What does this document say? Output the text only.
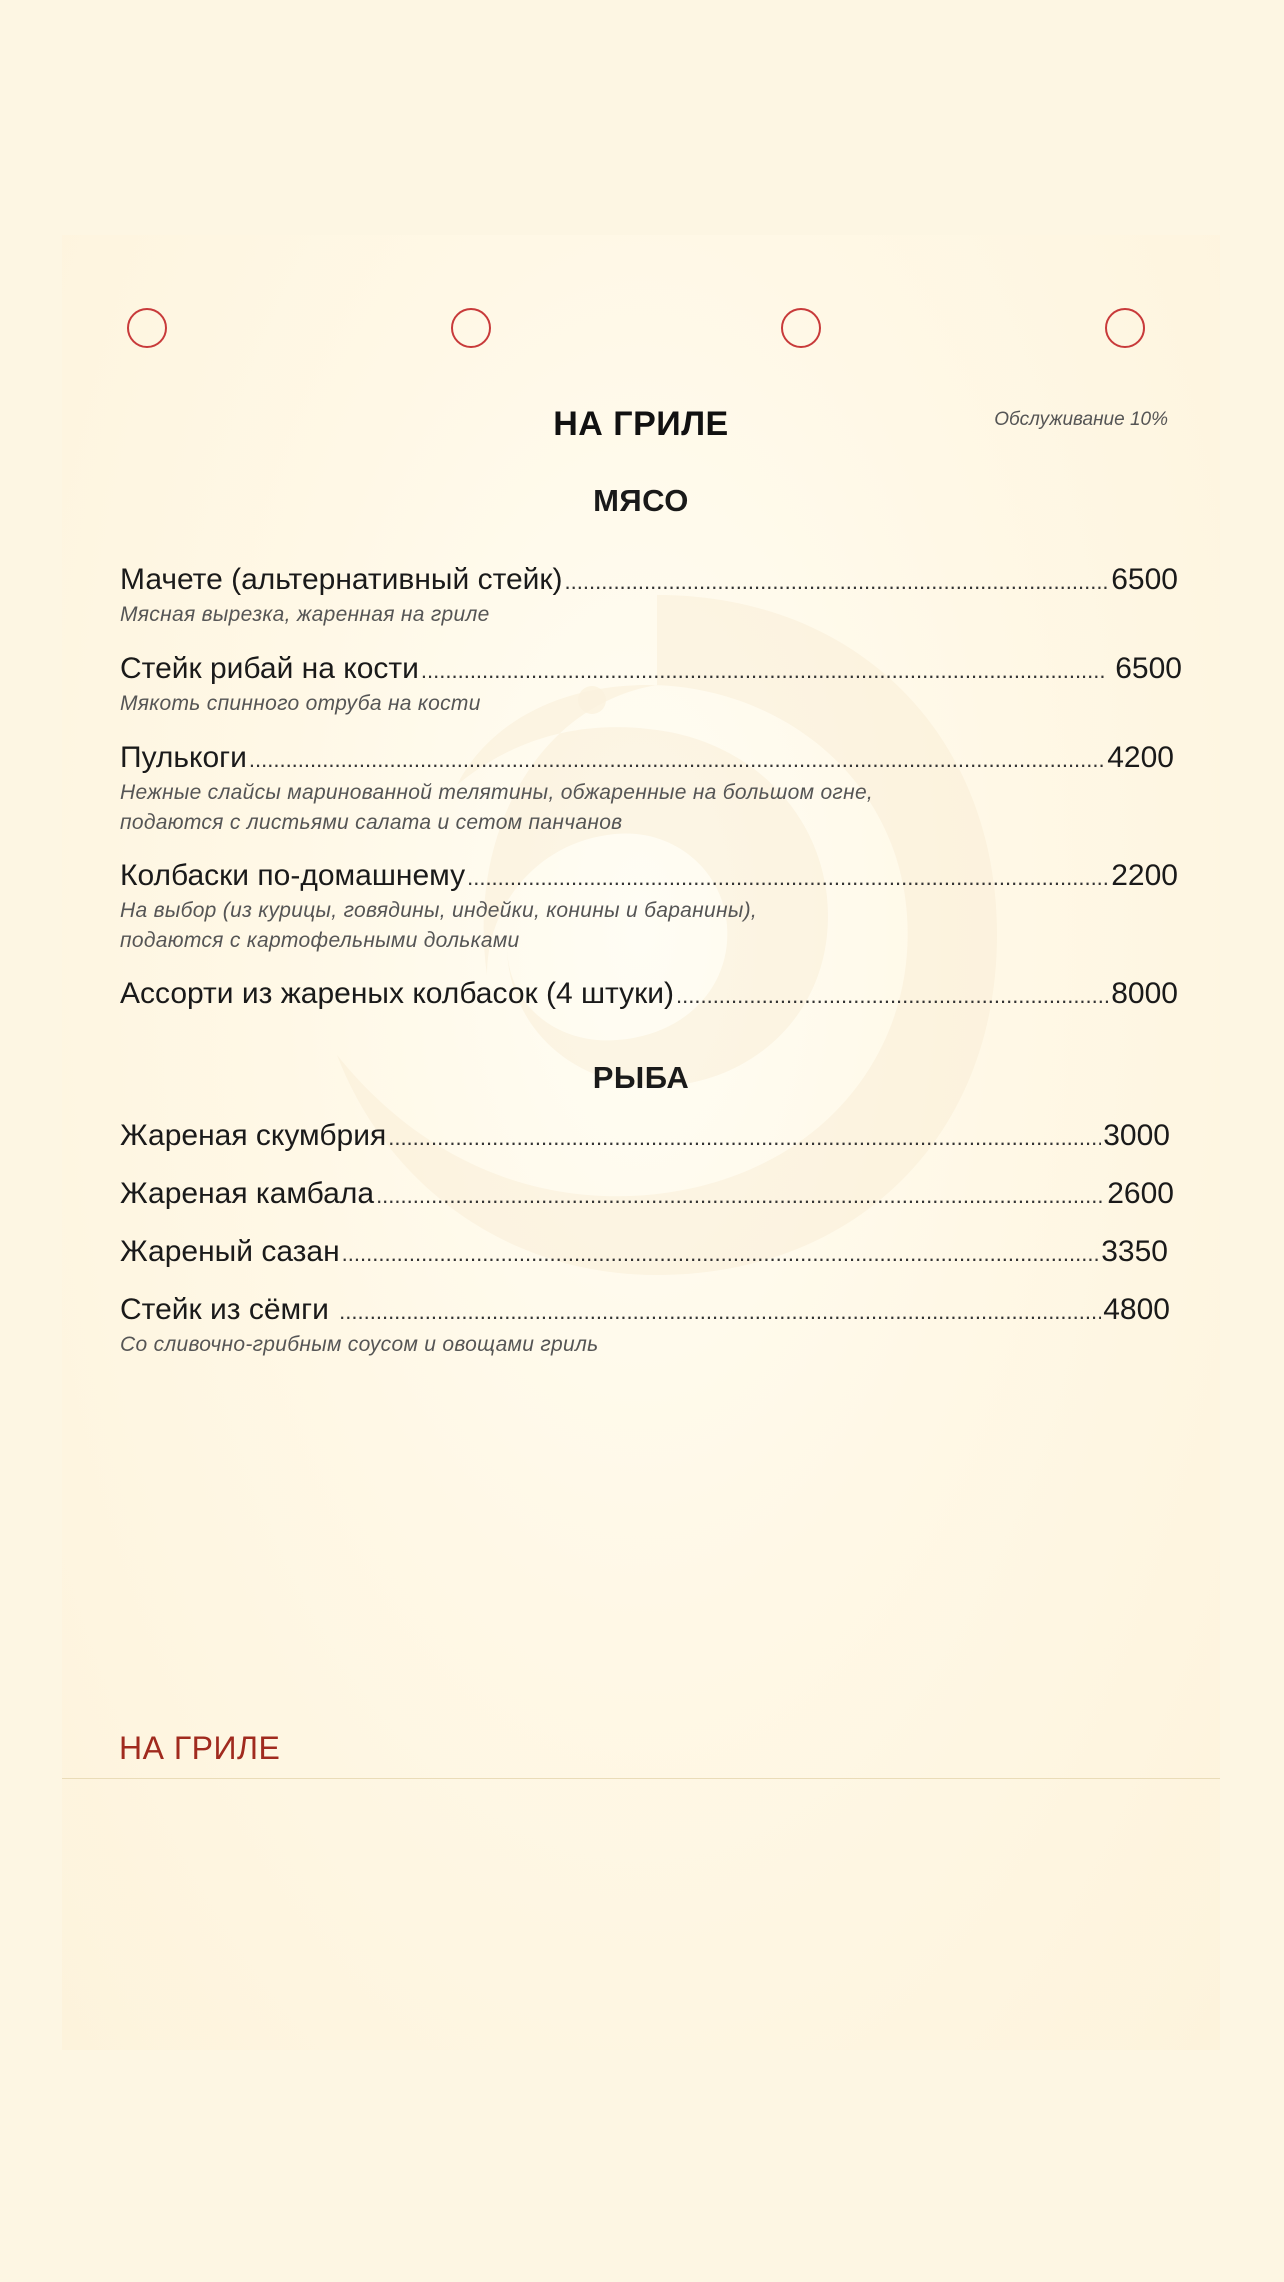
НА ГРИЛЕ	Обслуживание 10%
МЯСО
Мачете (альтернативный стейк) .....	6500
Мясная вырезка, жаренная на гриле
Стейк рибай на кости .....	6500
Мякоть спинного отруба на кости
Пулькоги .....	4200
Нежные слайсы маринованной телятины, обжаренные на большом огне,
подаются с листьями салата и сетом панчанов
Колбаски по-домашнему .....	2200
На выбор (из курицы, говядины, индейки, конины и баранины),
подаются с картофельными дольками
Ассорти из жареных колбасок (4 штуки) .....	8000
РЫБА
Жареная скумбрия .....	3000
Жареная камбала .....	2600
Жареный сазан .....	3350
Стейк из сёмги .....	4800
Со сливочно-грибным соусом и овощами гриль
НА ГРИЛЕ
